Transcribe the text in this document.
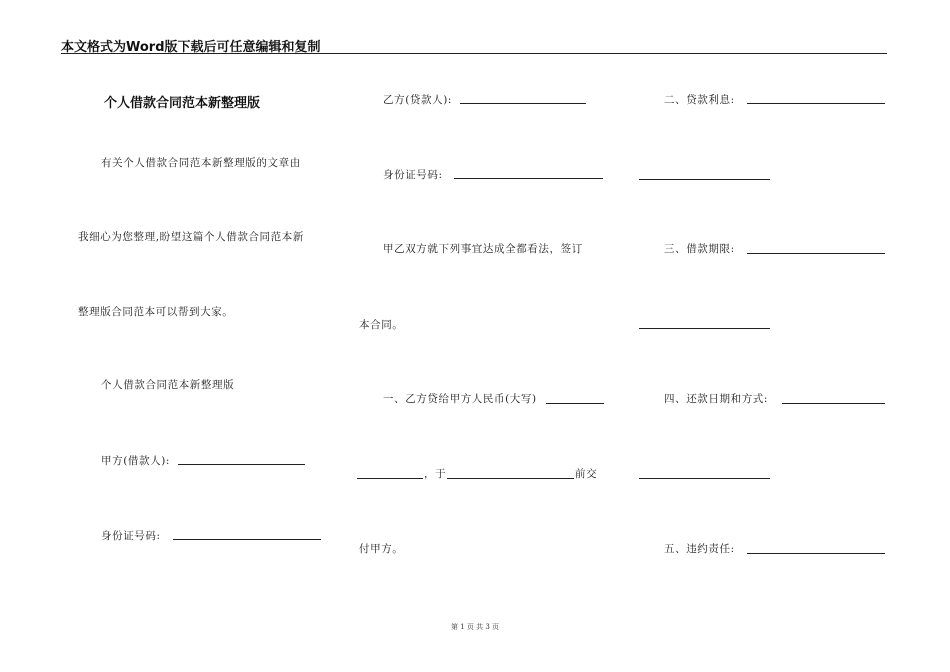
本文格式为Word版下载后可任意编辑和复制
个人借款合同范本新整理版
有关个人借款合同范本新整理版的文章由
我细心为您整理,盼望这篇个人借款合同范本新
整理版合同范本可以帮到大家。
个人借款合同范本新整理版
甲方(借款人):
身份证号码:
乙方(贷款人):
身份证号码:
甲乙双方就下列事宜达成全都看法，签订
本合同。
一、乙方贷给甲方人民币(大写)
，于	前交
付甲方。
二、贷款利息:
三、借款期限:
四、还款日期和方式:
五、违约责任:
第 1 页 共 3 页
